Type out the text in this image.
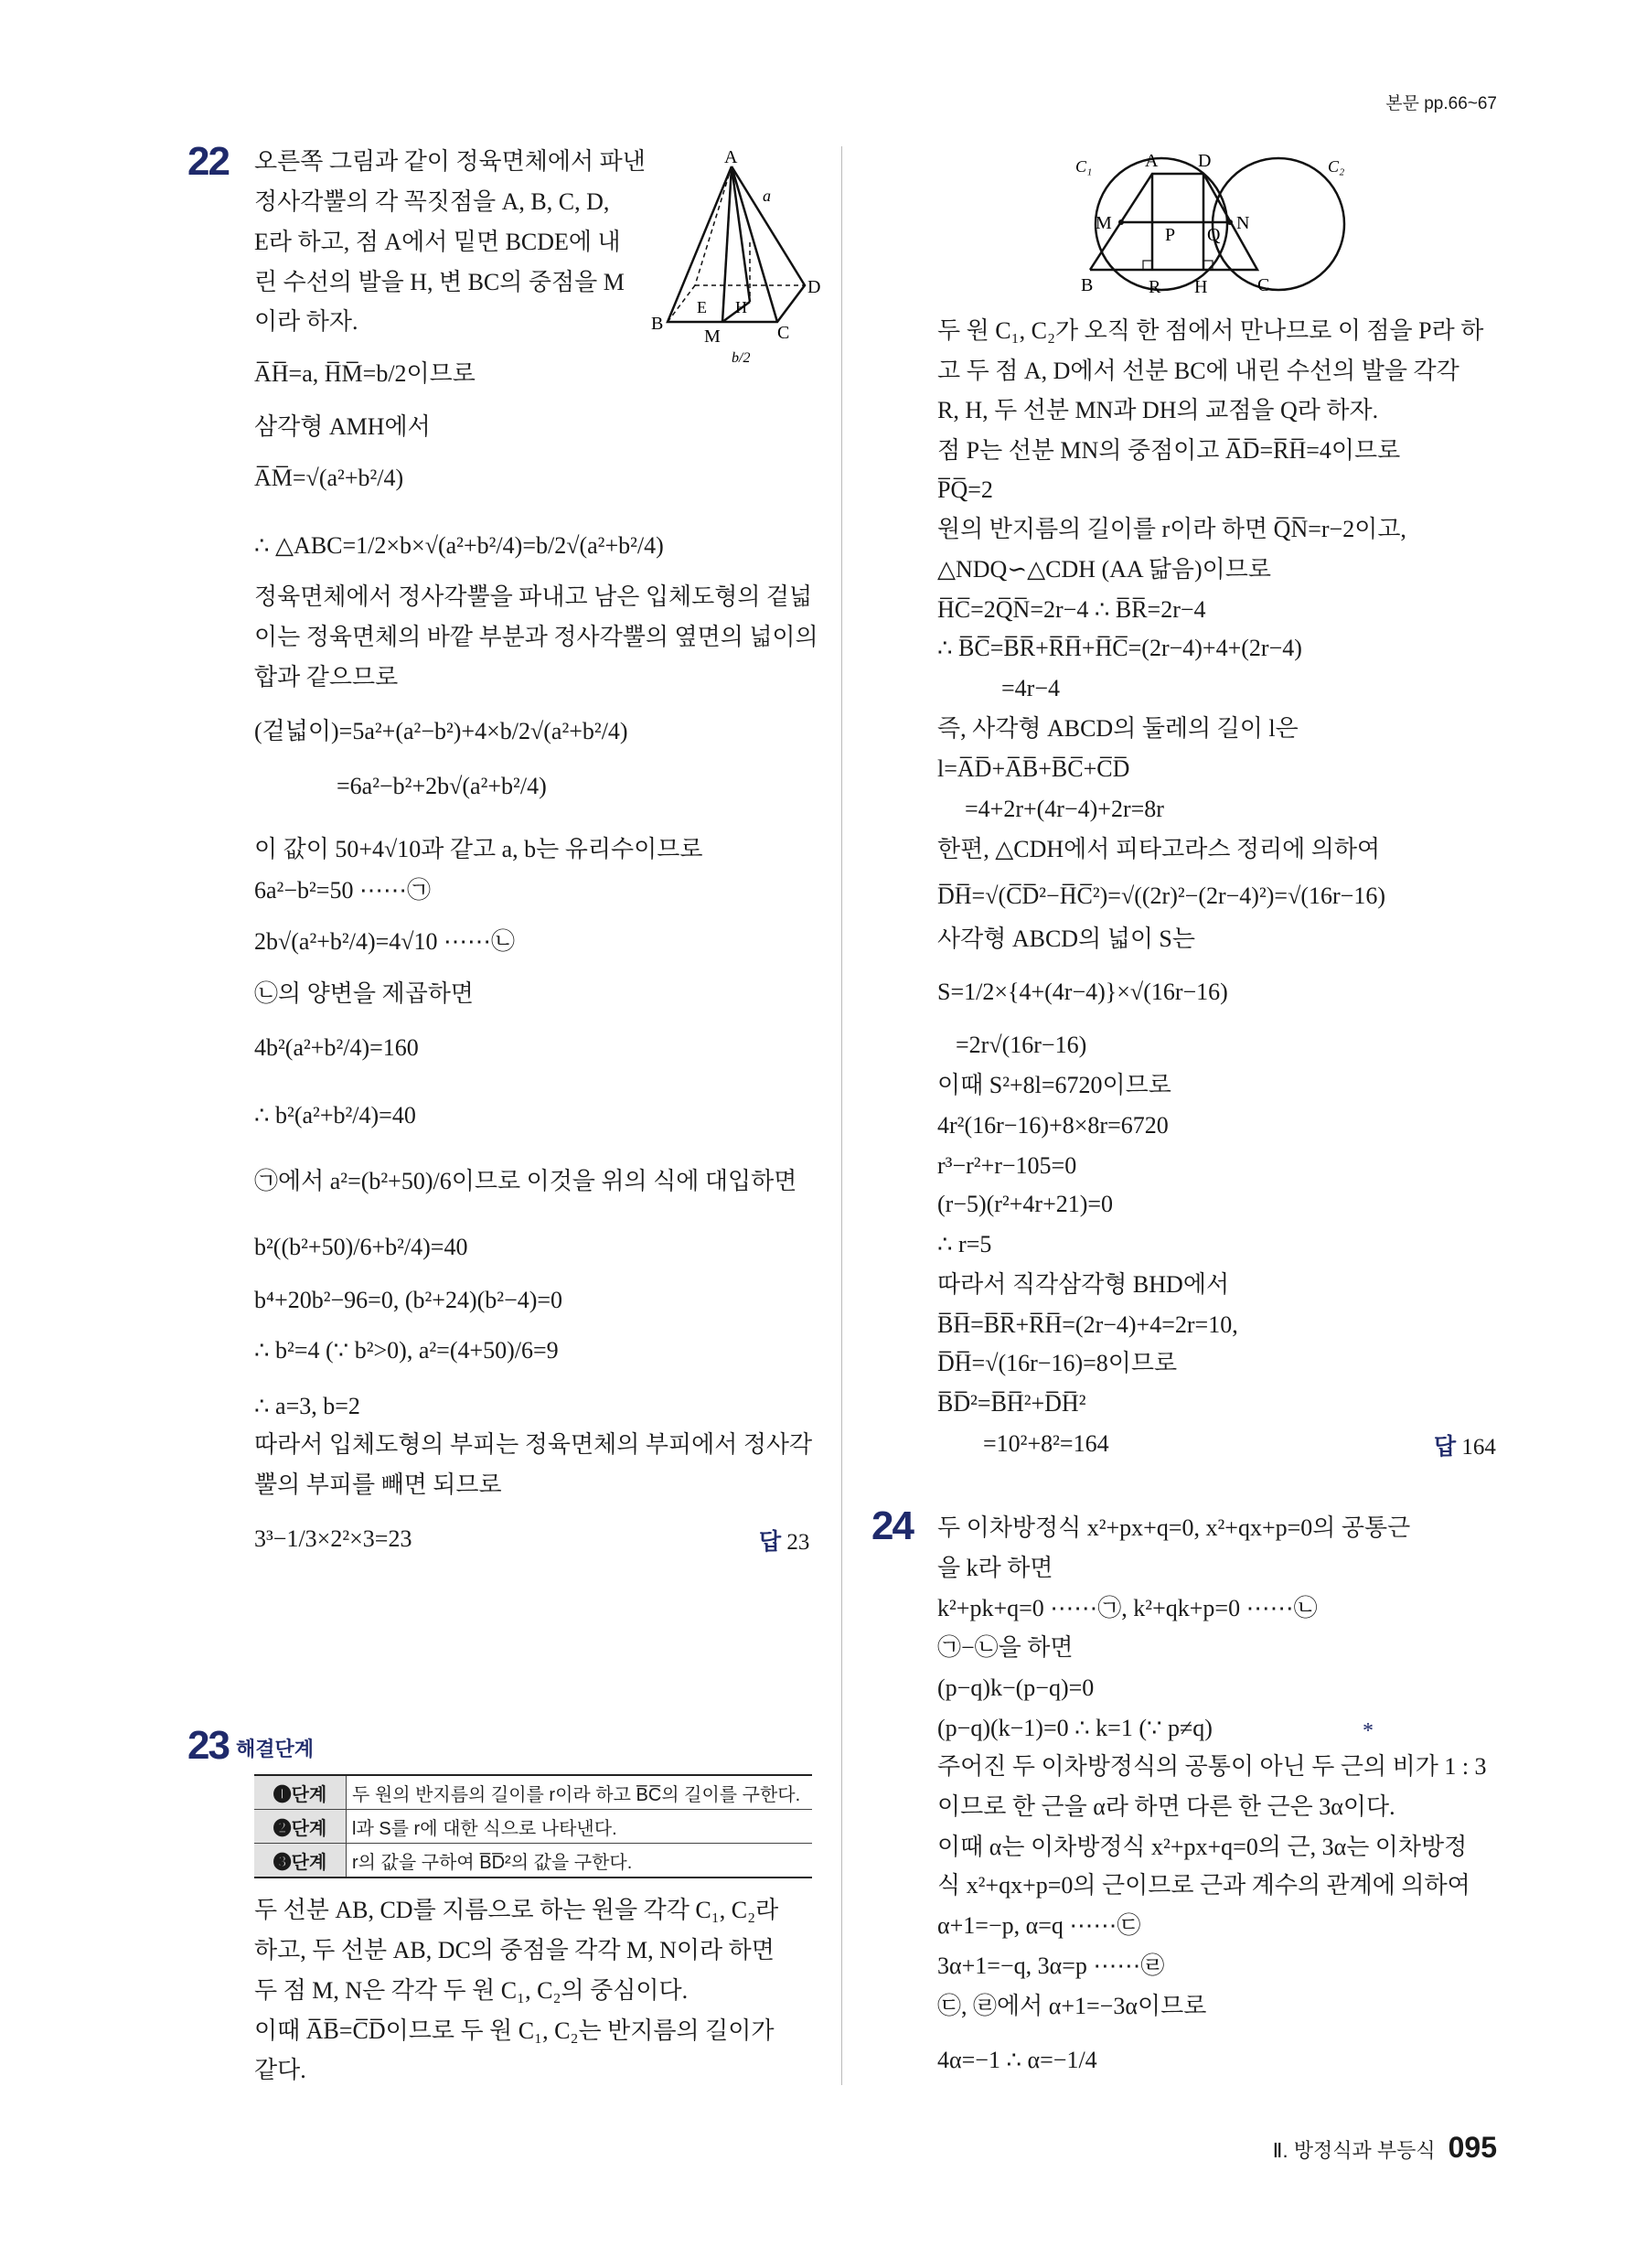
본문 pp.66~67
22 오른쪽 그림과 같이 정육면체에서 파낸
정사각뿔의 각 꼭짓점을 A, B, C, D,
E라 하고, 점 A에서 밑면 BCDE에 내
린 수선의 발을 H, 변 BC의 중점을 M
이라 하자.
A̅H̅=a, H̅M̅=b/2이므로
삼각형 AMH에서
A̅M̅=√(a²+b²/4)
∴ △ABC=1/2×b×√(a²+b²/4)=b/2√(a²+b²/4)
정육면체에서 정사각뿔을 파내고 남은 입체도형의 겉넓
이는 정육면체의 바깥 부분과 정사각뿔의 옆면의 넓이의
합과 같으므로
(겉넓이)=5a²+(a²−b²)+4×b/2√(a²+b²/4)
=6a²−b²+2b√(a²+b²/4)
이 값이 50+4√10과 같고 a, b는 유리수이므로
6a²−b²=50 ⋯⋯㉠
2b√(a²+b²/4)=4√10 ⋯⋯㉡
㉡의 양변을 제곱하면
4b²(a²+b²/4)=160
∴ b²(a²+b²/4)=40
㉠에서 a²=(b²+50)/6이므로 이것을 위의 식에 대입하면
b²((b²+50)/6+b²/4)=40
b⁴+20b²−96=0, (b²+24)(b²−4)=0
∴ b²=4 (∵ b²>0), a²=(4+50)/6=9
∴ a=3, b=2
따라서 입체도형의 부피는 정육면체의 부피에서 정사각
뿔의 부피를 빼면 되므로
3³−1/3×2²×3=23
A
a
D
B
E H
M	C
b/2
답 23
23 해결단계
❶단계	두 원의 반지름의 길이를 r이라 하고 B̅C̅의 길이를 구한다.
❷단계	l과 S를 r에 대한 식으로 나타낸다.
❸단계	r의 값을 구하여 B̅D̅²의 값을 구한다.
두 선분 AB, CD를 지름으로 하는 원을 각각 C₁, C₂라
하고, 두 선분 AB, DC의 중점을 각각 M, N이라 하면
두 점 M, N은 각각 두 원 C₁, C₂의 중심이다.
이때 A̅B̅=C̅D̅이므로 두 원 C₁, C₂는 반지름의 길이가
같다.
C₁	A D	C₂
M	N
P Q
B	R H	C
두 원 C₁, C₂가 오직 한 점에서 만나므로 이 점을 P라 하
고 두 점 A, D에서 선분 BC에 내린 수선의 발을 각각
R, H, 두 선분 MN과 DH의 교점을 Q라 하자.
점 P는 선분 MN의 중점이고 A̅D̅=R̅H̅=4이므로
P̅Q̅=2
원의 반지름의 길이를 r이라 하면 Q̅N̅=r−2이고,
△NDQ∽△CDH (AA 닮음)이므로
H̅C̅=2Q̅N̅=2r−4 ∴ B̅R̅=2r−4
∴ B̅C̅=B̅R̅+R̅H̅+H̅C̅=(2r−4)+4+(2r−4)
=4r−4
즉, 사각형 ABCD의 둘레의 길이 l은
l=A̅D̅+A̅B̅+B̅C̅+C̅D̅
=4+2r+(4r−4)+2r=8r
한편, △CDH에서 피타고라스 정리에 의하여
D̅H̅=√(C̅D̅²−H̅C̅²)=√((2r)²−(2r−4)²)=√(16r−16)
사각형 ABCD의 넓이 S는
S=1/2×{4+(4r−4)}×√(16r−16)
=2r√(16r−16)
이때 S²+8l=6720이므로
4r²(16r−16)+8×8r=6720
r³−r²+r−105=0
(r−5)(r²+4r+21)=0
∴ r=5
따라서 직각삼각형 BHD에서
B̅H̅=B̅R̅+R̅H̅=(2r−4)+4=2r=10,
D̅H̅=√(16r−16)=8이므로
B̅D̅²=B̅H̅²+D̅H̅²
=10²+8²=164	답 164
24 두 이차방정식 x²+px+q=0, x²+qx+p=0의 공통근
을 k라 하면
k²+pk+q=0 ⋯⋯㉠, k²+qk+p=0 ⋯⋯㉡
㉠−㉡을 하면
(p−q)k−(p−q)=0
(p−q)(k−1)=0 ∴ k=1 (∵ p≠q)
주어진 두 이차방정식의 공통이 아닌 두 근의 비가 1 : 3
이므로 한 근을 α라 하면 다른 한 근은 3α이다.
이때 α는 이차방정식 x²+px+q=0의 근, 3α는 이차방정
식 x²+qx+p=0의 근이므로 근과 계수의 관계에 의하여
α+1=−p, α=q ⋯⋯㉢
3α+1=−q, 3α=p ⋯⋯㉣
㉢, ㉣에서 α+1=−3α이므로
4α=−1 ∴ α=−1/4
*
Ⅱ. 방정식과 부등식 095
